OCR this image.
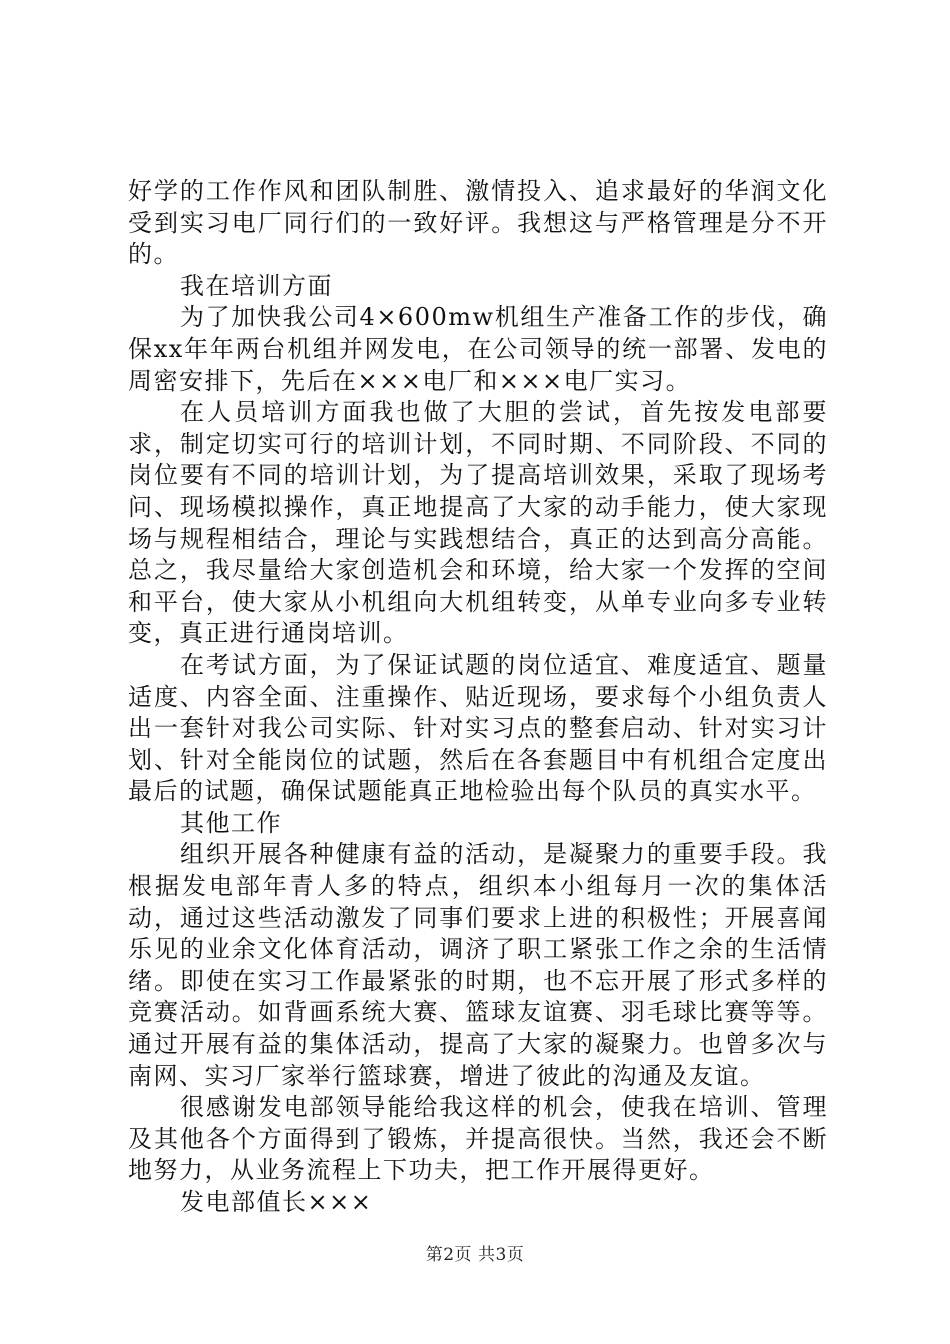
好学的工作作风和团队制胜、激情投入、追求最好的华润文化受到实习电厂同行们的一致好评。我想这与严格管理是分不开的。

我在培训方面

为了加快我公司4×600mw机组生产准备工作的步伐，确保xx年年两台机组并网发电，在公司领导的统一部署、发电的周密安排下，先后在×××电厂和×××电厂实习。

在人员培训方面我也做了大胆的尝试，首先按发电部要求，制定切实可行的培训计划，不同时期、不同阶段、不同的岗位要有不同的培训计划，为了提高培训效果，采取了现场考问、现场模拟操作，真正地提高了大家的动手能力，使大家现场与规程相结合，理论与实践想结合，真正的达到高分高能。总之，我尽量给大家创造机会和环境，给大家一个发挥的空间和平台，使大家从小机组向大机组转变，从单专业向多专业转变，真正进行通岗培训。

在考试方面，为了保证试题的岗位适宜、难度适宜、题量适度、内容全面、注重操作、贴近现场，要求每个小组负责人出一套针对我公司实际、针对实习点的整套启动、针对实习计划、针对全能岗位的试题，然后在各套题目中有机组合定度出最后的试题，确保试题能真正地检验出每个队员的真实水平。

其他工作

组织开展各种健康有益的活动，是凝聚力的重要手段。我根据发电部年青人多的特点，组织本小组每月一次的集体活动，通过这些活动激发了同事们要求上进的积极性；开展喜闻乐见的业余文化体育活动，调济了职工紧张工作之余的生活情绪。即使在实习工作最紧张的时期，也不忘开展了形式多样的竞赛活动。如背画系统大赛、篮球友谊赛、羽毛球比赛等等。通过开展有益的集体活动，提高了大家的凝聚力。也曾多次与南网、实习厂家举行篮球赛，增进了彼此的沟通及友谊。

很感谢发电部领导能给我这样的机会，使我在培训、管理及其他各个方面得到了锻炼，并提高很快。当然，我还会不断地努力，从业务流程上下功夫，把工作开展得更好。

发电部值长×××

第2页 共3页
